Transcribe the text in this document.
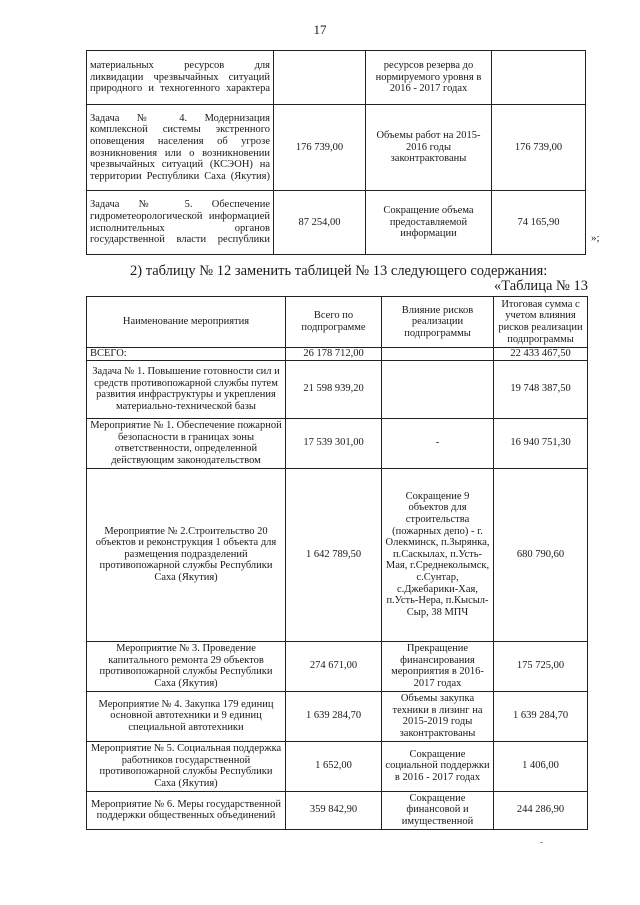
17
материальных ресурсов для ликвидации чрезвычайных ситуаций природного и техногенного характера		ресурсов резерва до нормируемого уровня в 2016 - 2017 годах	
Задача № 4. Модернизация комплексной системы экстренного оповещения населения об угрозе возникновения или о возникновении чрезвычайных ситуаций (КСЭОН) на территории Республики Саха (Якутия)	176 739,00	Объемы работ на 2015-2016 годы законтрактованы	176 739,00
Задача № 5. Обеспечение гидрометеорологической информацией исполнительных органов государственной власти республики	87 254,00	Сокращение объема предоставляемой информации	74 165,90
»;
2) таблицу № 12 заменить таблицей № 13 следующего содержания:
«Таблица № 13
Наименование мероприятия	Всего по подпрограмме	Влияние рисков реализации подпрограммы	Итоговая сумма с учетом влияния рисков реализации подпрограммы
ВСЕГО:	26 178 712,00		22 433 467,50
Задача № 1. Повышение готовности сил и средств противопожарной службы путем развития инфраструктуры и укрепления материально-технической базы	21 598 939,20		19 748 387,50
Мероприятие № 1. Обеспечение пожарной безопасности в границах зоны ответственности, определенной действующим законодательством	17 539 301,00	-	16 940 751,30
Мероприятие № 2.Строительство 20 объектов и реконструкция 1 объекта для размещения подразделений противопожарной службы Республики Саха (Якутия)	1 642 789,50	Сокращение 9 объектов для строительства (пожарных депо) - г. Олекминск, п.Зырянка, п.Саскылах, п.Усть-Мая, г.Среднеколымск, с.Сунтар, с.Джебарики-Хая, п.Усть-Нера, п.Кысыл-Сыр, 38 МПЧ	680 790,60
Мероприятие № 3. Проведение капитального ремонта 29 объектов противопожарной службы Республики Саха (Якутия)	274 671,00	Прекращение финансирования мероприятия в 2016-2017 годах	175 725,00
Мероприятие № 4. Закупка 179 единиц основной автотехники и 9 единиц специальной автотехники	1 639 284,70	Объемы закупка техники в лизинг на 2015-2019 годы законтрактованы	1 639 284,70
Мероприятие № 5. Социальная поддержка работников государственной противопожарной службы Республики Саха (Якутия)	1 652,00	Сокращение социальной поддержки в 2016 - 2017 годах	1 406,00
Мероприятие № 6. Меры государственной поддержки общественных объединений	359 842,90	Сокращение финансовой и имущественной	244 286,90
